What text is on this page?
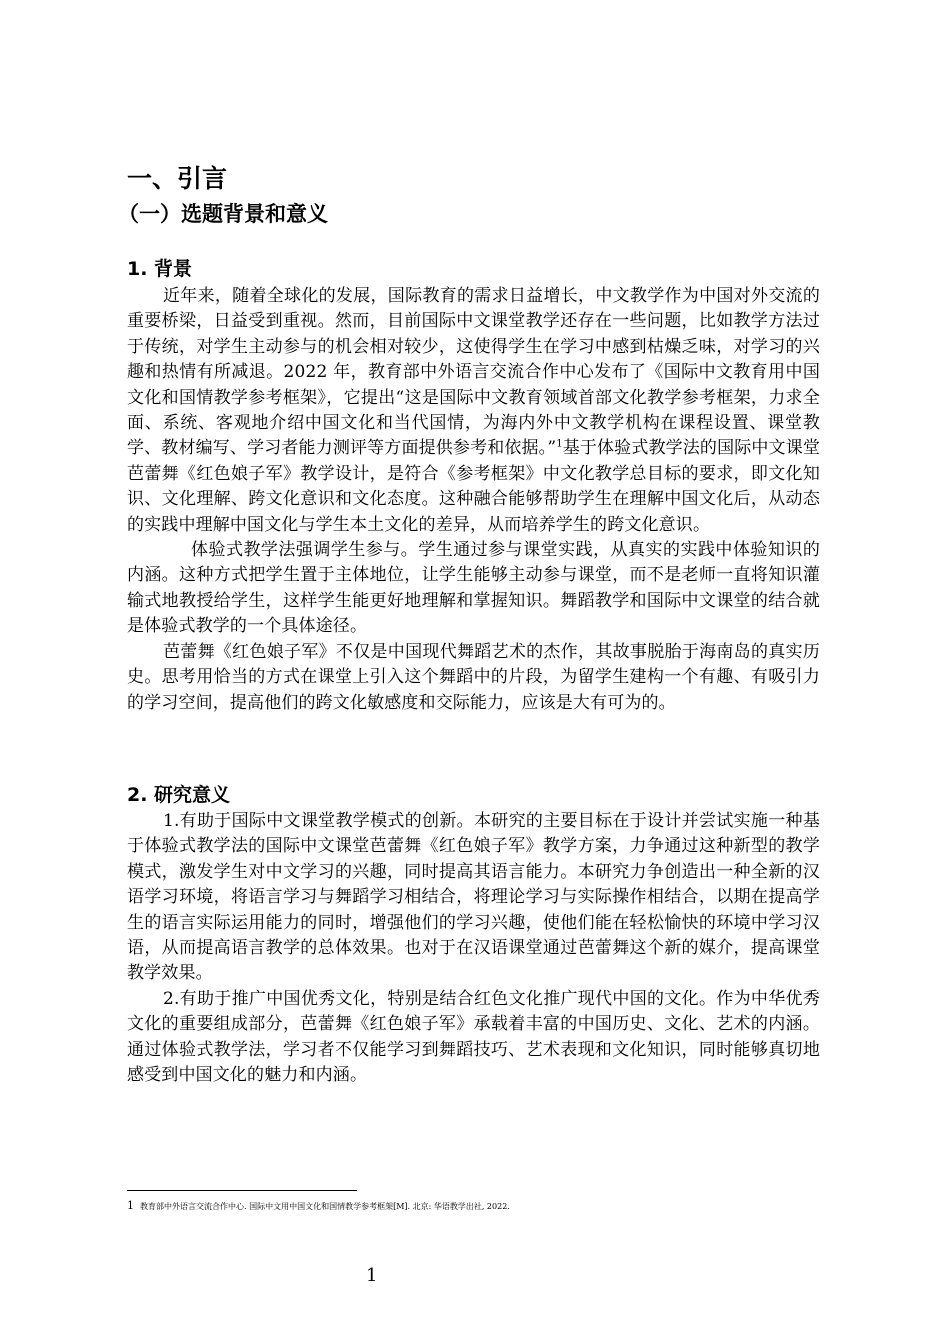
一、引言
（一）选题背景和意义
1. 背景

近年来，随着全球化的发展，国际教育的需求日益增长，中文教学作为中国对外交流的重要桥梁，日益受到重视。然而，目前国际中文课堂教学还存在一些问题，比如教学方法过于传统，对学生主动参与的机会相对较少，这使得学生在学习中感到枯燥乏味，对学习的兴趣和热情有所减退。2022 年，教育部中外语言交流合作中心发布了《国际中文教育用中国文化和国情教学参考框架》，它提出“这是国际中文教育领域首部文化教学参考框架，力求全面、系统、客观地介绍中国文化和当代国情，为海内外中文教学机构在课程设置、课堂教学、教材编写、学习者能力测评等方面提供参考和依据。”$^1$基于体验式教学法的国际中文课堂芭蕾舞《红色娘子军》教学设计，是符合《参考框架》中文化教学总目标的要求，即文化知识、文化理解、跨文化意识和文化态度。这种融合能够帮助学生在理解中国文化后，从动态的实践中理解中国文化与学生本土文化的差异，从而培养学生的跨文化意识。

体验式教学法强调学生参与。学生通过参与课堂实践，从真实的实践中体验知识的内涵。这种方式把学生置于主体地位，让学生能够主动参与课堂，而不是老师一直将知识灌输式地教授给学生，这样学生能更好地理解和掌握知识。舞蹈教学和国际中文课堂的结合就是体验式教学的一个具体途径。

芭蕾舞《红色娘子军》不仅是中国现代舞蹈艺术的杰作，其故事脱胎于海南岛的真实历史。思考用恰当的方式在课堂上引入这个舞蹈中的片段，为留学生建构一个有趣、有吸引力的学习空间，提高他们的跨文化敏感度和交际能力，应该是大有可为的。

2. 研究意义

1.有助于国际中文课堂教学模式的创新。本研究的主要目标在于设计并尝试实施一种基于体验式教学法的国际中文课堂芭蕾舞《红色娘子军》教学方案，力争通过这种新型的教学模式，激发学生对中文学习的兴趣，同时提高其语言能力。本研究力争创造出一种全新的汉语学习环境，将语言学习与舞蹈学习相结合，将理论学习与实际操作相结合，以期在提高学生的语言实际运用能力的同时，增强他们的学习兴趣，使他们能在轻松愉快的环境中学习汉语，从而提高语言教学的总体效果。也对于在汉语课堂通过芭蕾舞这个新的媒介，提高课堂教学效果。

2.有助于推广中国优秀文化，特别是结合红色文化推广现代中国的文化。作为中华优秀文化的重要组成部分，芭蕾舞《红色娘子军》承载着丰富的中国历史、文化、艺术的内涵。通过体验式教学法，学习者不仅能学习到舞蹈技巧、艺术表现和文化知识，同时能够真切地感受到中国文化的魅力和内涵。

1 教育部中外语言交流合作中心. 国际中文用中国文化和国情教学参考框架[M]. 北京: 华语教学出社, 2022.

1
